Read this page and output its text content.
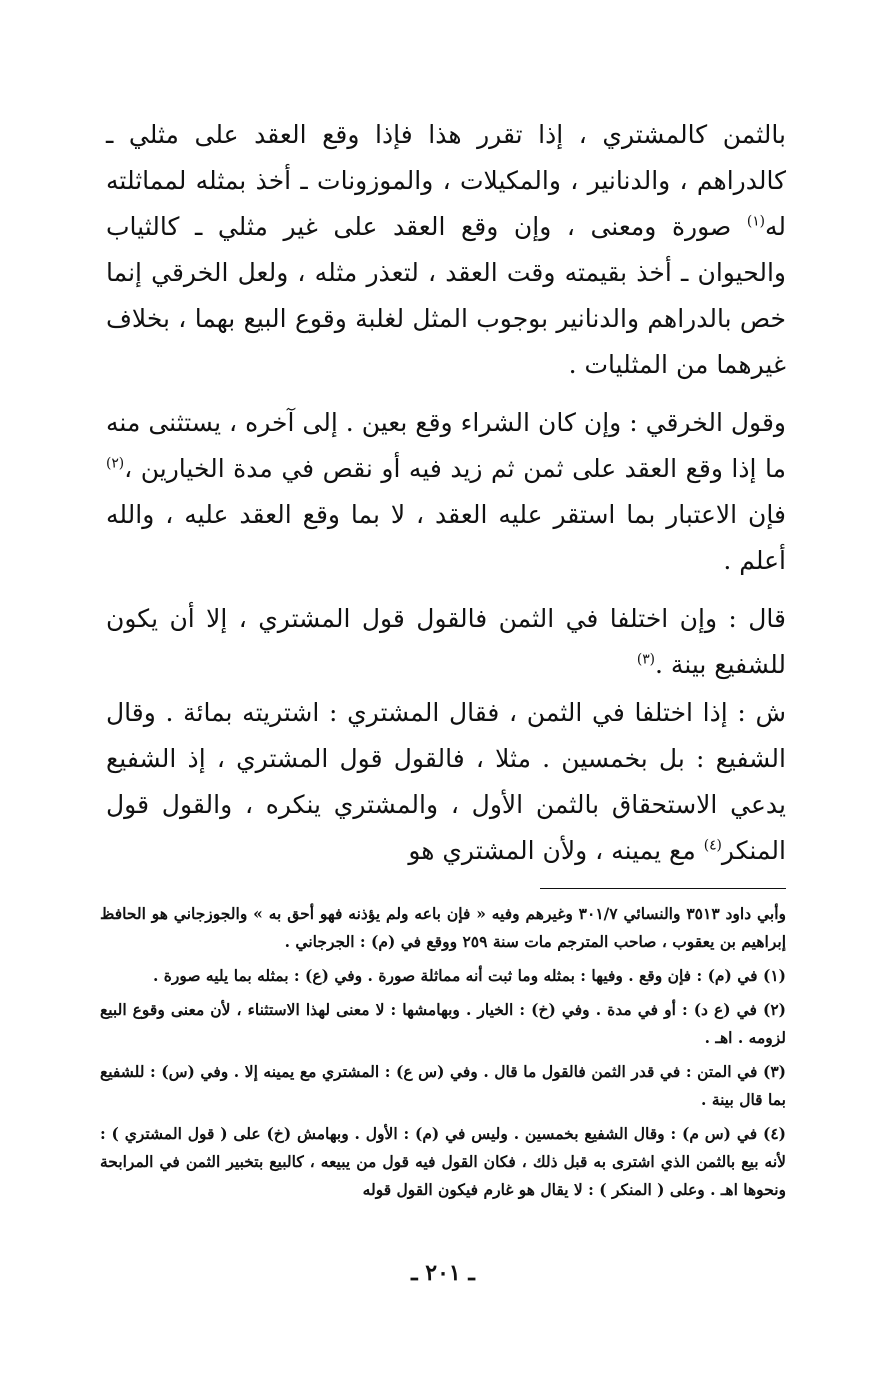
بالثمن كالمشتري ، إذا تقرر هذا فإذا وقع العقد على مثلي ـ كالدراهم ، والدنانير ، والمكيلات ، والموزونات ـ أخذ بمثله لمماثلته له$^{(١)}$ صورة ومعنى ، وإن وقع العقد على غير مثلي ـ كالثياب والحيوان ـ أخذ بقيمته وقت العقد ، لتعذر مثله ، ولعل الخرقي إنما خص بالدراهم والدنانير بوجوب المثل لغلبة وقوع البيع بهما ، بخلاف غيرهما من المثليات .

وقول الخرقي : وإن كان الشراء وقع بعين . إلى آخره ، يستثنى منه ما إذا وقع العقد على ثمن ثم زيد فيه أو نقص في مدة الخيارين ،$^{(٢)}$ فإن الاعتبار بما استقر عليه العقد ، لا بما وقع العقد عليه ، والله أعلم .

قال : وإن اختلفا في الثمن فالقول قول المشتري ، إلا أن يكون للشفيع بينة .$^{(٣)}$

ش : إذا اختلفا في الثمن ، فقال المشتري : اشتريته بمائة . وقال الشفيع : بل بخمسين . مثلا ، فالقول قول المشتري ، إذ الشفيع يدعي الاستحقاق بالثمن الأول ، والمشتري ينكره ، والقول قول المنكر$^{(٤)}$ مع يمينه ، ولأن المشتري هو

وأبي داود ٣٥١٣ والنسائي ٣٠١/٧ وغيرهم وفيه « فإن باعه ولم يؤذنه فهو أحق به » والجوزجاني هو الحافظ إبراهيم بن يعقوب ، صاحب المترجم مات سنة ٢٥٩ ووقع في (م) : الجرجاني .

(١) في (م) : فإن وقع . وفيها : بمثله وما ثبت أنه مماثلة صورة . وفي (ع) : بمثله بما يليه صورة .

(٢) في (ع د) : أو في مدة . وفي (خ) : الخيار . وبهامشها : لا معنى لهذا الاستثناء ، لأن معنى وقوع البيع لزومه . اهـ .

(٣) في المتن : في قدر الثمن فالقول ما قال . وفي (س ع) : المشتري مع يمينه إلا . وفي (س) : للشفيع بما قال بينة .

(٤) في (س م) : وقال الشفيع بخمسين . وليس في (م) : الأول . وبهامش (خ) على ( قول المشتري ) : لأنه بيع بالثمن الذي اشترى به قبل ذلك ، فكان القول فيه قول من يبيعه ، كالبيع بتخبير الثمن في المرابحة ونحوها اهـ . وعلى ( المنكر ) : لا يقال هو غارم فيكون القول قوله

ـ ٢٠١ ـ
